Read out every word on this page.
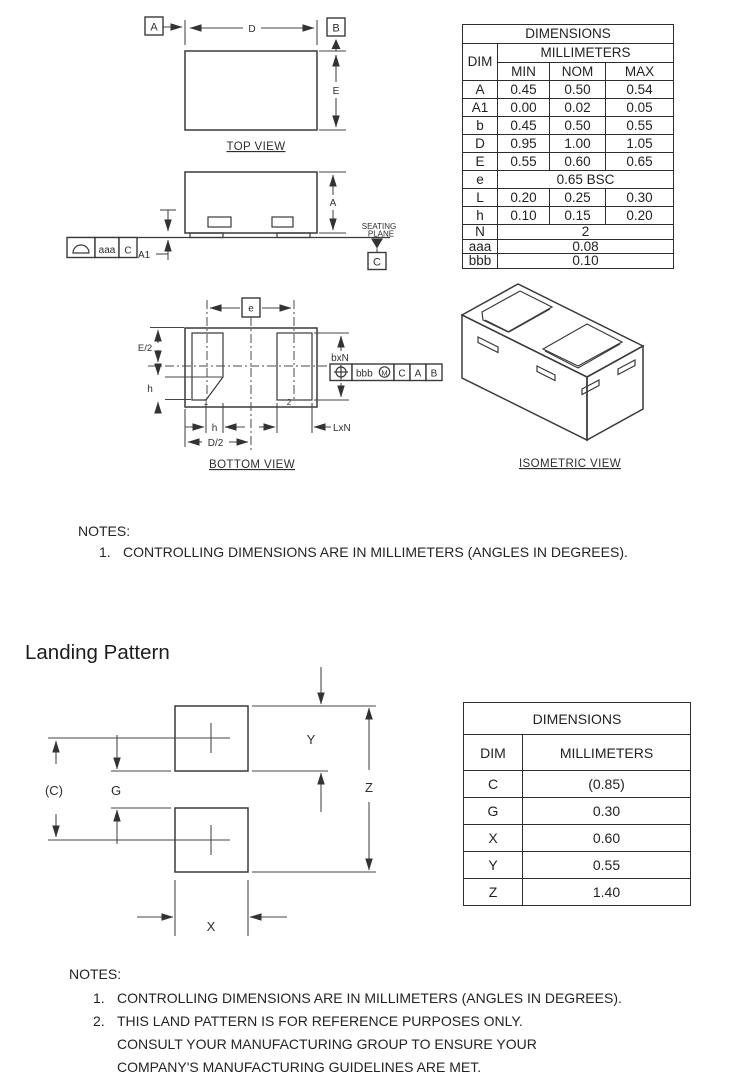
D
A	B
E
TOP VIEW
A
A1
aaa C
C
SEATING
PLANE
e
E/2
h
1	2
h
D/2
LxN
bxN
bbb M C A B
BOTTOM VIEW	ISOMETRIC VIEW
(C)	G
Y
Z
X
DIMENSIONS			
DIM	MILLIMETERS		
	MIN	NOM	MAX
A	0.45	0.50	0.54
A1	0.00	0.02	0.05
b	0.45	0.50	0.55
D	0.95	1.00	1.05
E	0.55	0.60	0.65
e	0.65 BSC		
L	0.20	0.25	0.30
h	0.10	0.15	0.20
N	2		
aaa	0.08		
bbb	0.10		
NOTES:
1. CONTROLLING DIMENSIONS ARE IN MILLIMETERS (ANGLES IN DEGREES).
Landing Pattern
DIMENSIONS	
DIM	MILLIMETERS
C	(0.85)
G	0.30
X	0.60
Y	0.55
Z	1.40
NOTES:
1. CONTROLLING DIMENSIONS ARE IN MILLIMETERS (ANGLES IN DEGREES).
2. THIS LAND PATTERN IS FOR REFERENCE PURPOSES ONLY.
CONSULT YOUR MANUFACTURING GROUP TO ENSURE YOUR
COMPANY'S MANUFACTURING GUIDELINES ARE MET.
